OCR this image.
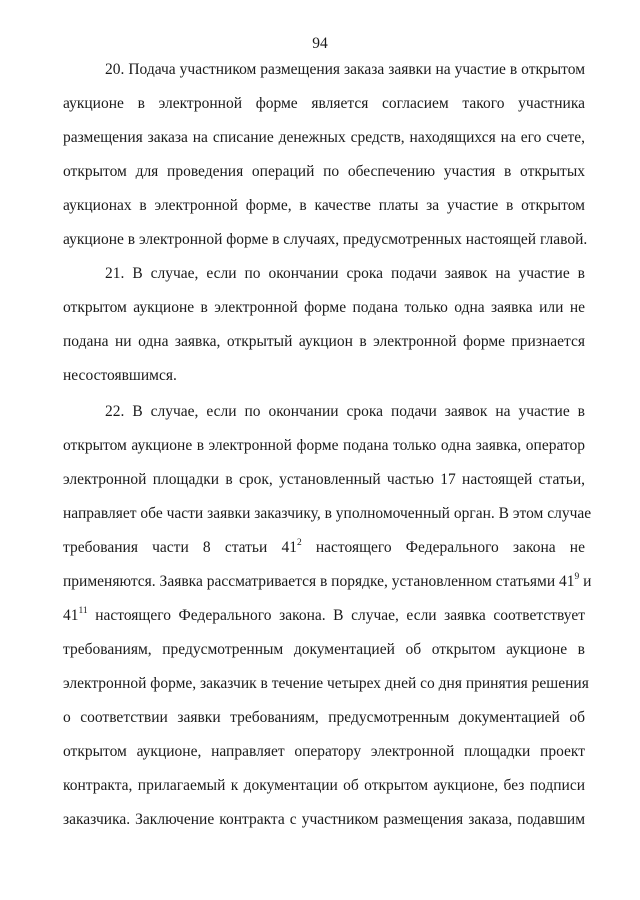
94
20. Подача участником размещения заказа заявки на участие в открытом
аукционе в электронной форме является согласием такого участника
размещения заказа на списание денежных средств, находящихся на его счете,
открытом для проведения операций по обеспечению участия в открытых
аукционах в электронной форме, в качестве платы за участие в открытом
аукционе в электронной форме в случаях, предусмотренных настоящей главой.
21. В случае, если по окончании срока подачи заявок на участие в
открытом аукционе в электронной форме подана только одна заявка или не
подана ни одна заявка, открытый аукцион в электронной форме признается
несостоявшимся.
22. В случае, если по окончании срока подачи заявок на участие в
открытом аукционе в электронной форме подана только одна заявка, оператор
электронной площадки в срок, установленный частью 17 настоящей статьи,
направляет обе части заявки заказчику, в уполномоченный орган. В этом случае
требования части 8 статьи $41^2$ настоящего Федерального закона не
применяются. Заявка рассматривается в порядке, установленном статьями $41^9$ и
$41^{11}$ настоящего Федерального закона. В случае, если заявка соответствует
требованиям, предусмотренным документацией об открытом аукционе в
электронной форме, заказчик в течение четырех дней со дня принятия решения
о соответствии заявки требованиям, предусмотренным документацией об
открытом аукционе, направляет оператору электронной площадки проект
контракта, прилагаемый к документации об открытом аукционе, без подписи
заказчика. Заключение контракта с участником размещения заказа, подавшим
